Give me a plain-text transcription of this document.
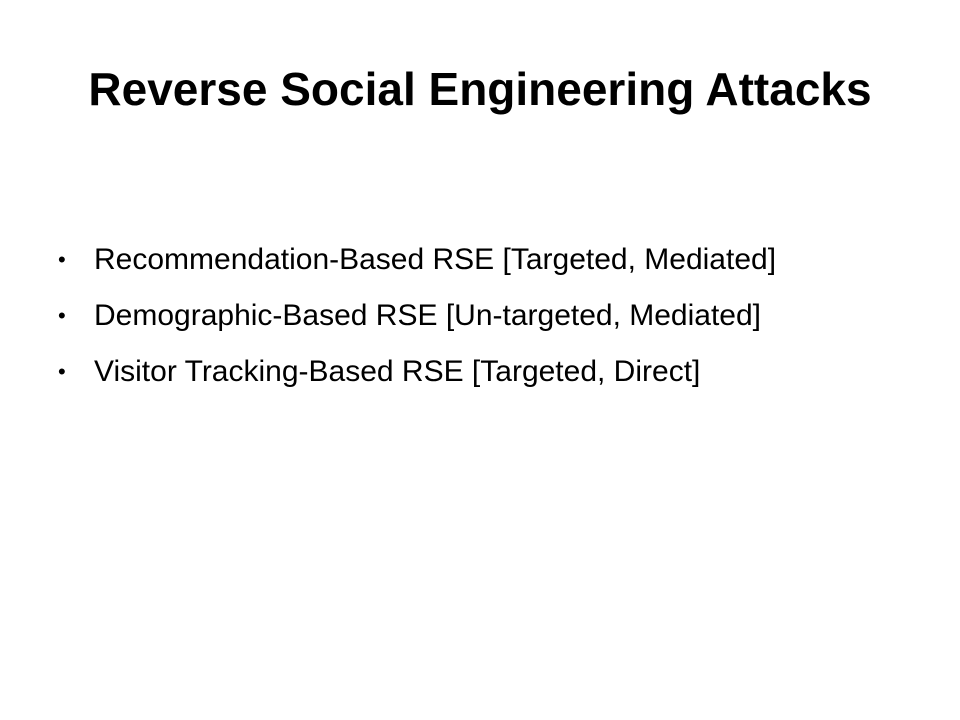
Reverse Social Engineering Attacks
• Recommendation-Based RSE [Targeted, Mediated]
• Demographic-Based RSE [Un-targeted, Mediated]
• Visitor Tracking-Based RSE [Targeted, Direct]
